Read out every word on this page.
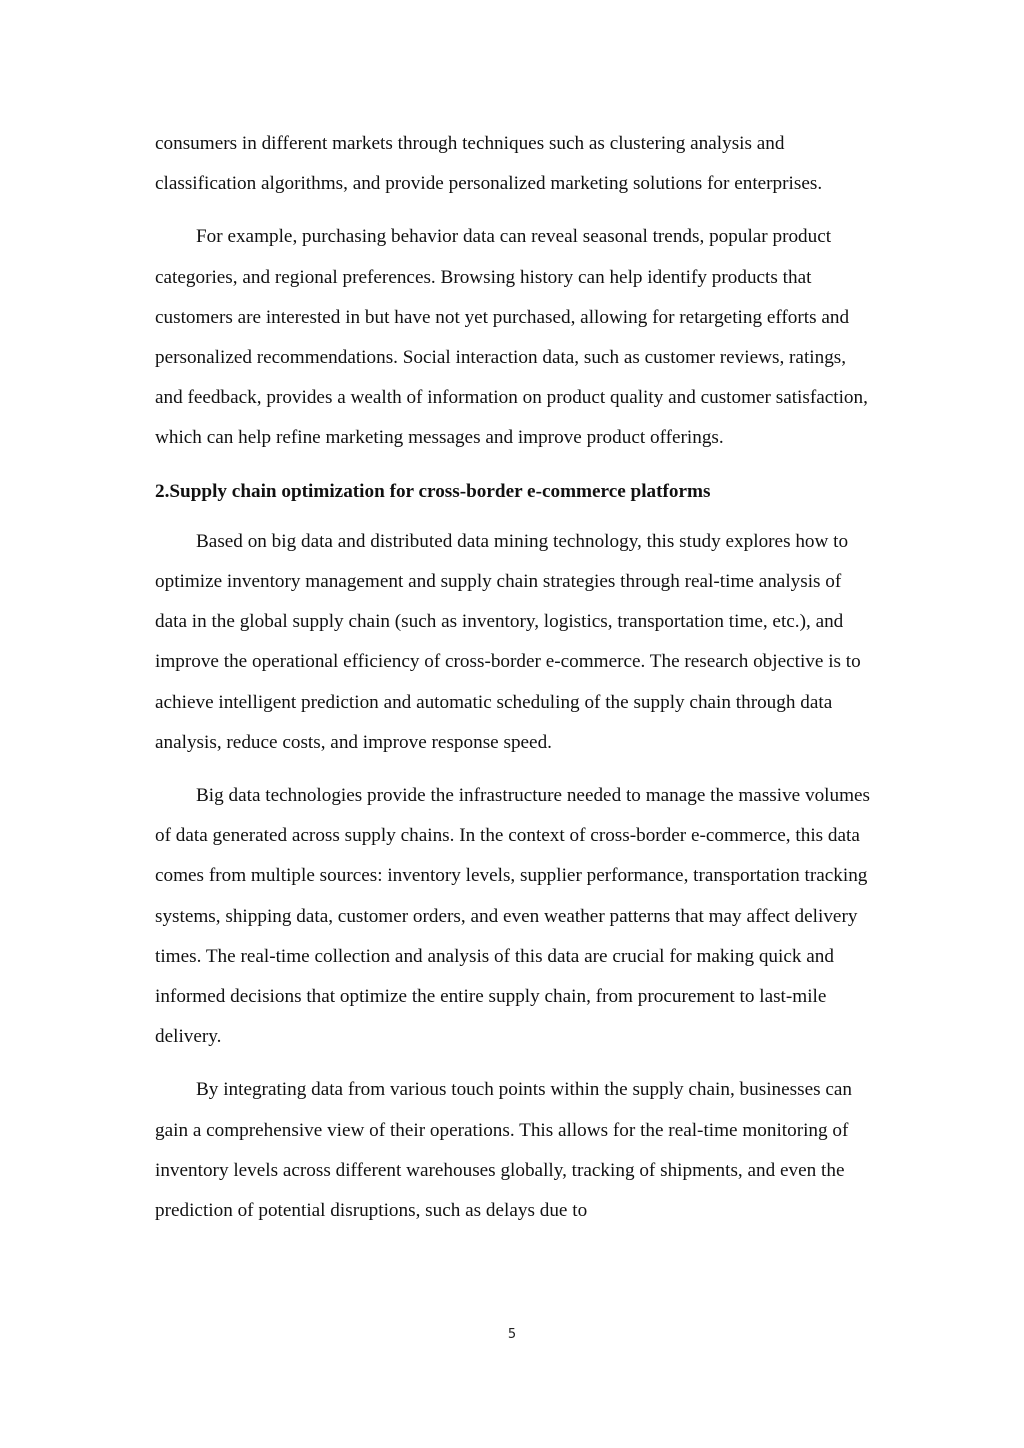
consumers in different markets through techniques such as clustering analysis and classification algorithms, and provide personalized marketing solutions for enterprises.

For example, purchasing behavior data can reveal seasonal trends, popular product categories, and regional preferences. Browsing history can help identify products that customers are interested in but have not yet purchased, allowing for retargeting efforts and personalized recommendations. Social interaction data, such as customer reviews, ratings, and feedback, provides a wealth of information on product quality and customer satisfaction, which can help refine marketing messages and improve product offerings.

2.Supply chain optimization for cross-border e-commerce platforms

Based on big data and distributed data mining technology, this study explores how to optimize inventory management and supply chain strategies through real-time analysis of data in the global supply chain (such as inventory, logistics, transportation time, etc.), and improve the operational efficiency of cross-border e-commerce. The research objective is to achieve intelligent prediction and automatic scheduling of the supply chain through data analysis, reduce costs, and improve response speed.

Big data technologies provide the infrastructure needed to manage the massive volumes of data generated across supply chains. In the context of cross-border e-commerce, this data comes from multiple sources: inventory levels, supplier performance, transportation tracking systems, shipping data, customer orders, and even weather patterns that may affect delivery times. The real-time collection and analysis of this data are crucial for making quick and informed decisions that optimize the entire supply chain, from procurement to last-mile delivery.

By integrating data from various touch points within the supply chain, businesses can gain a comprehensive view of their operations. This allows for the real-time monitoring of inventory levels across different warehouses globally, tracking of shipments, and even the prediction of potential disruptions, such as delays due to

5
